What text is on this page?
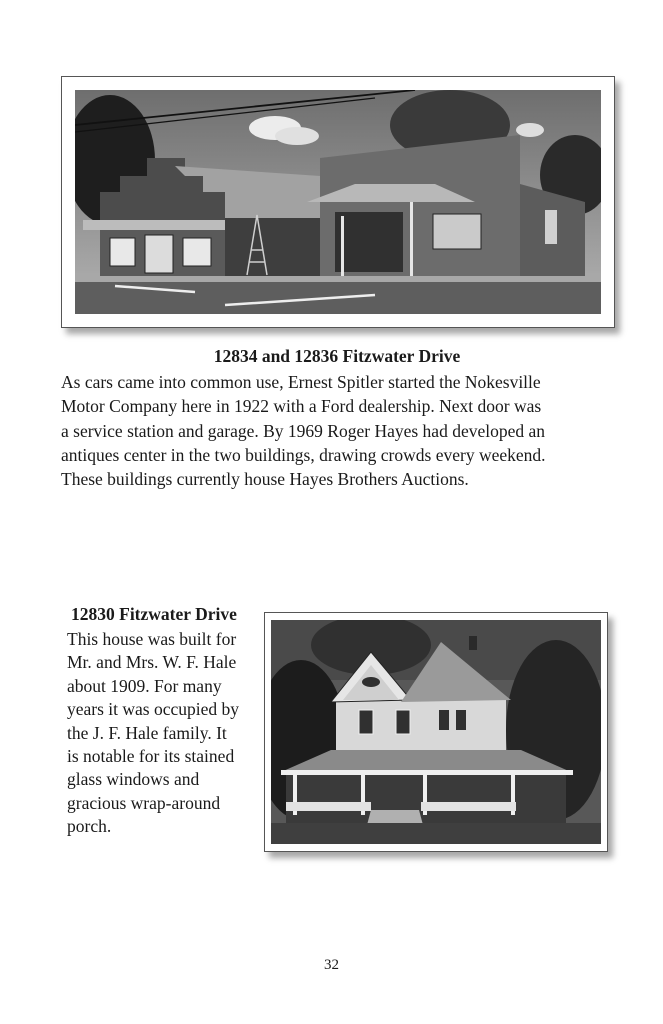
12834 and 12836 Fitzwater Drive

As cars came into common use, Ernest Spitler started the Nokesville
Motor Company here in 1922 with a Ford dealership. Next door was
a service station and garage. By 1969 Roger Hayes had developed an
antiques center in the two buildings, drawing crowds every weekend.
These buildings currently house Hayes Brothers Auctions.

12830 Fitzwater Drive

This house was built for
Mr. and Mrs. W. F. Hale
about 1909. For many
years it was occupied by
the J. F. Hale family. It
is notable for its stained
glass windows and
gracious wrap-around
porch.

32
